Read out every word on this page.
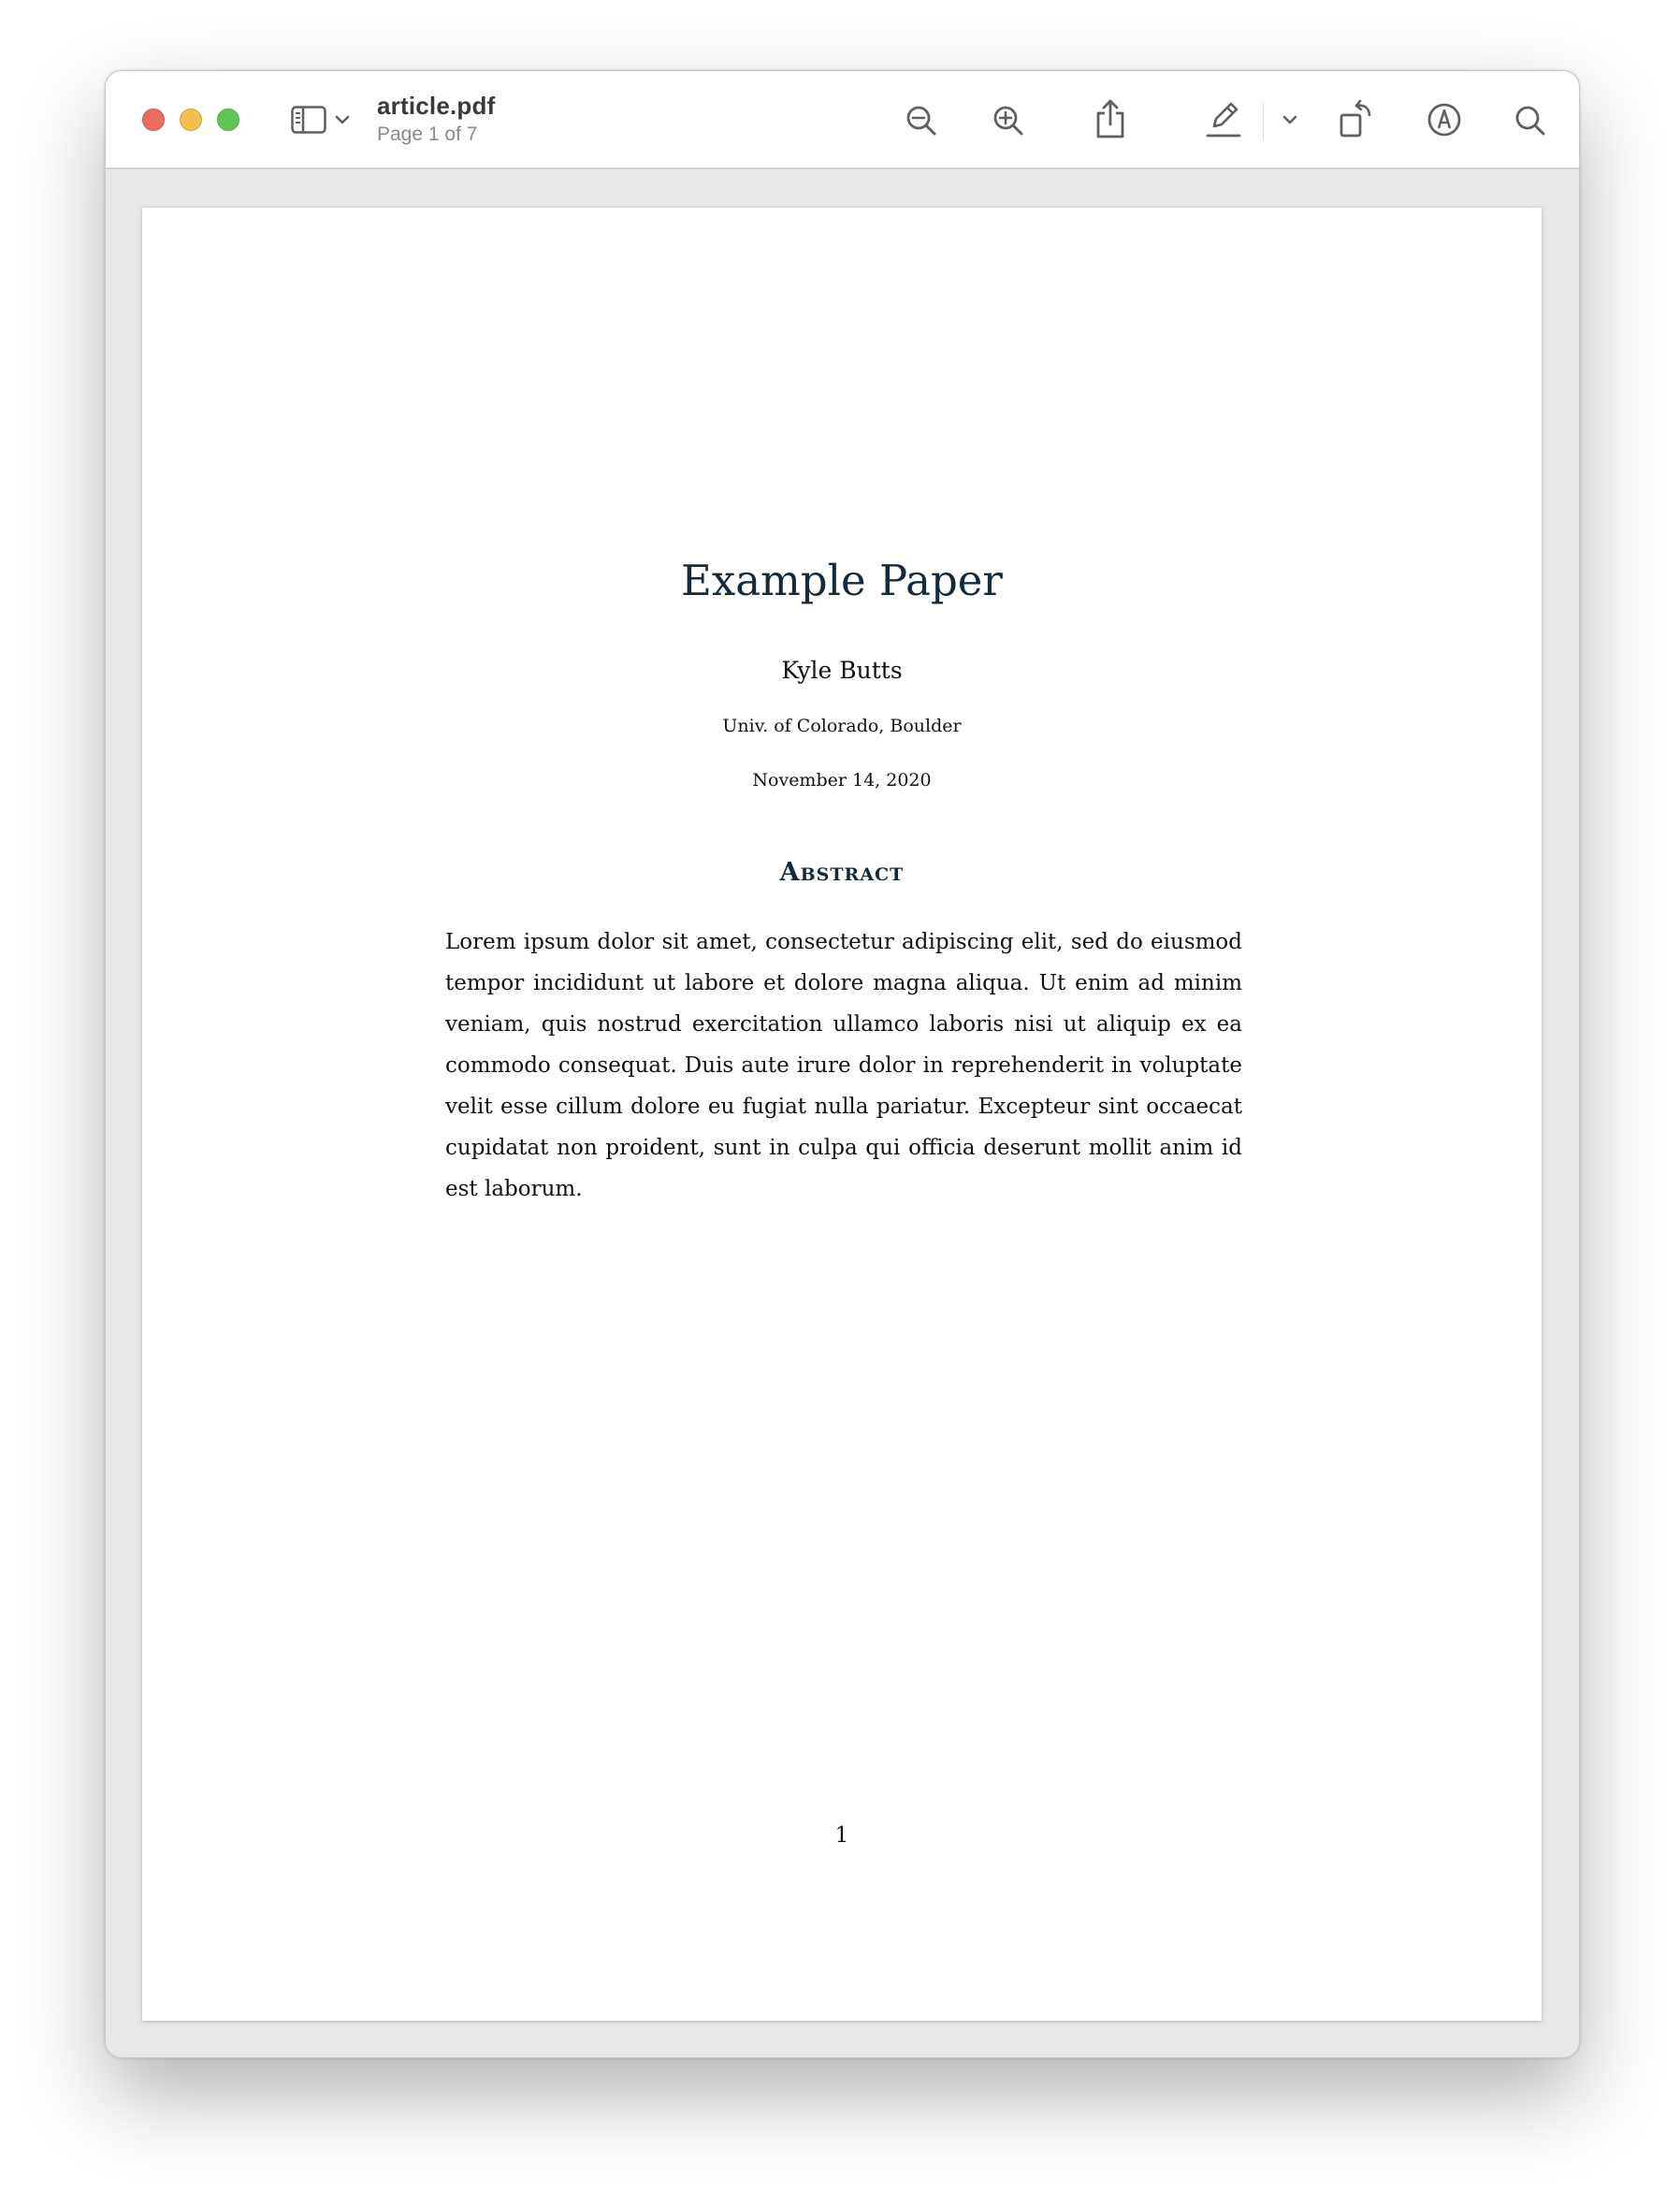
article.pdf
Page 1 of 7
Example Paper
Kyle Butts
Univ. of Colorado, Boulder
November 14, 2020
Abstract
Lorem ipsum dolor sit amet, consectetur adipiscing elit, sed do eiusmod tempor incididunt ut labore et dolore magna aliqua. Ut enim ad minim veniam, quis nostrud exercitation ullamco laboris nisi ut aliquip ex ea commodo consequat. Duis aute irure dolor in reprehenderit in voluptate velit esse cillum dolore eu fugiat nulla pariatur. Excepteur sint occaecat cupidatat non proident, sunt in culpa qui officia deserunt mollit anim id est laborum.
1
